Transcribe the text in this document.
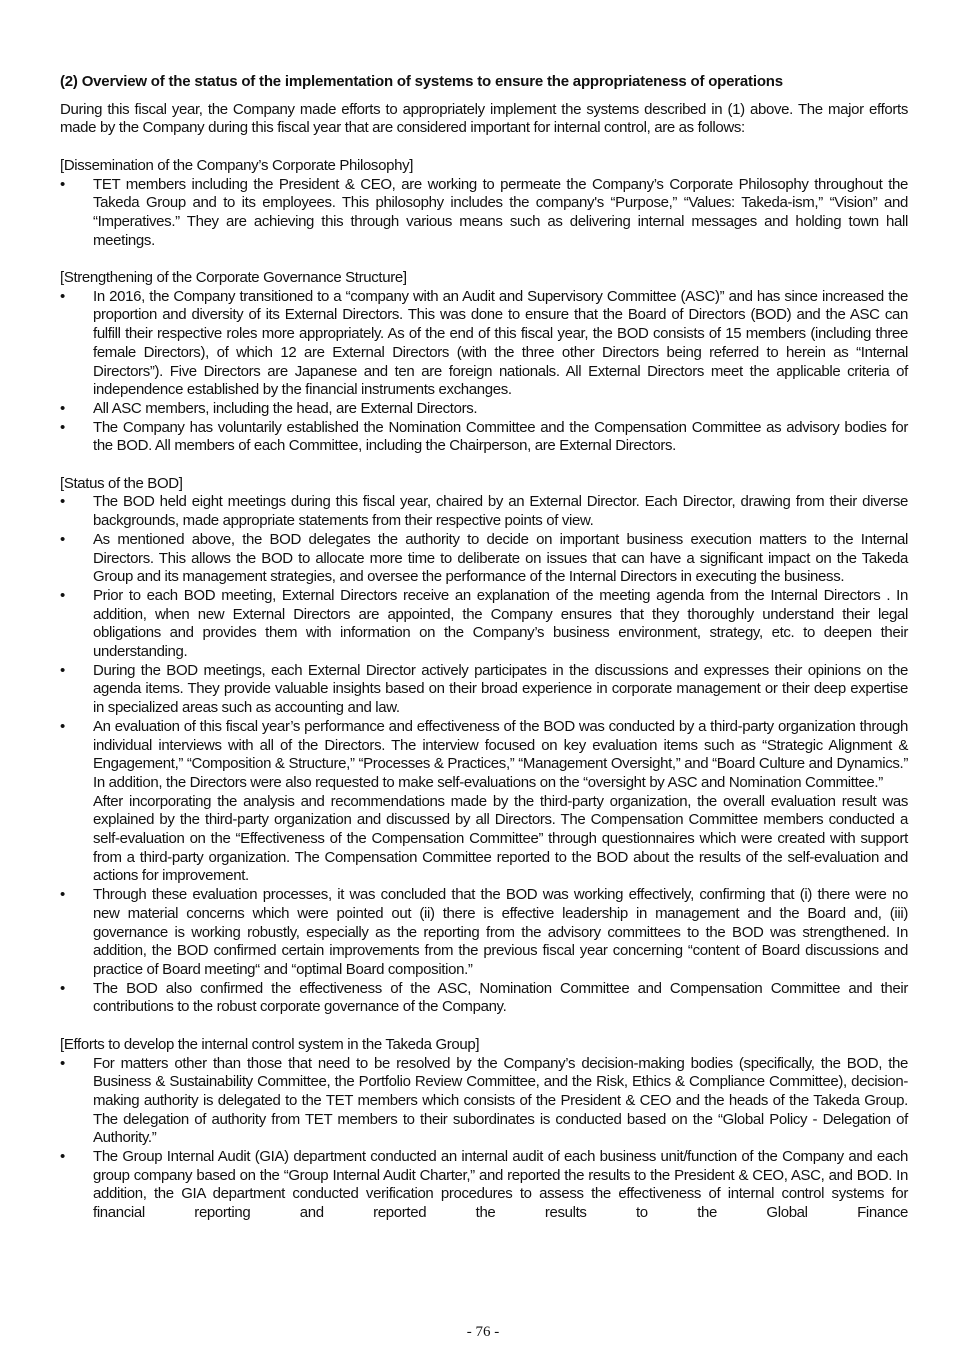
(2) Overview of the status of the implementation of systems to ensure the appropriateness of operations

During this fiscal year, the Company made efforts to appropriately implement the systems described in (1) above. The major efforts made by the Company during this fiscal year that are considered important for internal control, are as follows:

[Dissemination of the Company’s Corporate Philosophy]

• TET members including the President & CEO, are working to permeate the Company’s Corporate Philosophy throughout the Takeda Group and to its employees. This philosophy includes the company's “Purpose,” “Values: Takeda-ism,” “Vision” and “Imperatives.” They are achieving this through various means such as delivering internal messages and holding town hall meetings.

[Strengthening of the Corporate Governance Structure]

• In 2016, the Company transitioned to a “company with an Audit and Supervisory Committee (ASC)” and has since increased the proportion and diversity of its External Directors. This was done to ensure that the Board of Directors (BOD) and the ASC can fulfill their respective roles more appropriately. As of the end of this fiscal year, the BOD consists of 15 members (including three female Directors), of which 12 are External Directors (with the three other Directors being referred to herein as “Internal Directors”). Five Directors are Japanese and ten are foreign nationals. All External Directors meet the applicable criteria of independence established by the financial instruments exchanges.

• All ASC members, including the head, are External Directors.

• The Company has voluntarily established the Nomination Committee and the Compensation Committee as advisory bodies for the BOD. All members of each Committee, including the Chairperson, are External Directors.

[Status of the BOD]

• The BOD held eight meetings during this fiscal year, chaired by an External Director. Each Director, drawing from their diverse backgrounds, made appropriate statements from their respective points of view.

• As mentioned above, the BOD delegates the authority to decide on important business execution matters to the Internal Directors. This allows the BOD to allocate more time to deliberate on issues that can have a significant impact on the Takeda Group and its management strategies, and oversee the performance of the Internal Directors in executing the business.

• Prior to each BOD meeting, External Directors receive an explanation of the meeting agenda from the Internal Directors . In addition, when new External Directors are appointed, the Company ensures that they thoroughly understand their legal obligations and provides them with information on the Company’s business environment, strategy, etc. to deepen their understanding.

• During the BOD meetings, each External Director actively participates in the discussions and expresses their opinions on the agenda items. They provide valuable insights based on their broad experience in corporate management or their deep expertise in specialized areas such as accounting and law.

• An evaluation of this fiscal year’s performance and effectiveness of the BOD was conducted by a third-party organization through individual interviews with all of the Directors. The interview focused on key evaluation items such as “Strategic Alignment & Engagement,” “Composition & Structure,” “Processes & Practices,” “Management Oversight,” and “Board Culture and Dynamics.” In addition, the Directors were also requested to make self-evaluations on the “oversight by ASC and Nomination Committee.”

After incorporating the analysis and recommendations made by the third-party organization, the overall evaluation result was explained by the third-party organization and discussed by all Directors. The Compensation Committee members conducted a self-evaluation on the “Effectiveness of the Compensation Committee” through questionnaires which were created with support from a third-party organization. The Compensation Committee reported to the BOD about the results of the self-evaluation and actions for improvement.

• Through these evaluation processes, it was concluded that the BOD was working effectively, confirming that (i) there were no new material concerns which were pointed out (ii) there is effective leadership in management and the Board and, (iii) governance is working robustly, especially as the reporting from the advisory committees to the BOD was strengthened. In addition, the BOD confirmed certain improvements from the previous fiscal year concerning “content of Board discussions and practice of Board meeting“ and “optimal Board composition.”

• The BOD also confirmed the effectiveness of the ASC, Nomination Committee and Compensation Committee and their contributions to the robust corporate governance of the Company.

[Efforts to develop the internal control system in the Takeda Group]

• For matters other than those that need to be resolved by the Company’s decision-making bodies (specifically, the BOD, the Business & Sustainability Committee, the Portfolio Review Committee, and the Risk, Ethics & Compliance Committee), decision-making authority is delegated to the TET members which consists of the President & CEO and the heads of the Takeda Group. The delegation of authority from TET members to their subordinates is conducted based on the “Global Policy - Delegation of Authority.”

• The Group Internal Audit (GIA) department conducted an internal audit of each business unit/function of the Company and each group company based on the “Group Internal Audit Charter,” and reported the results to the President & CEO, ASC, and BOD. In addition, the GIA department conducted verification procedures to assess the effectiveness of internal control systems for financial reporting and reported the results to the Global Finance

- 76 -
